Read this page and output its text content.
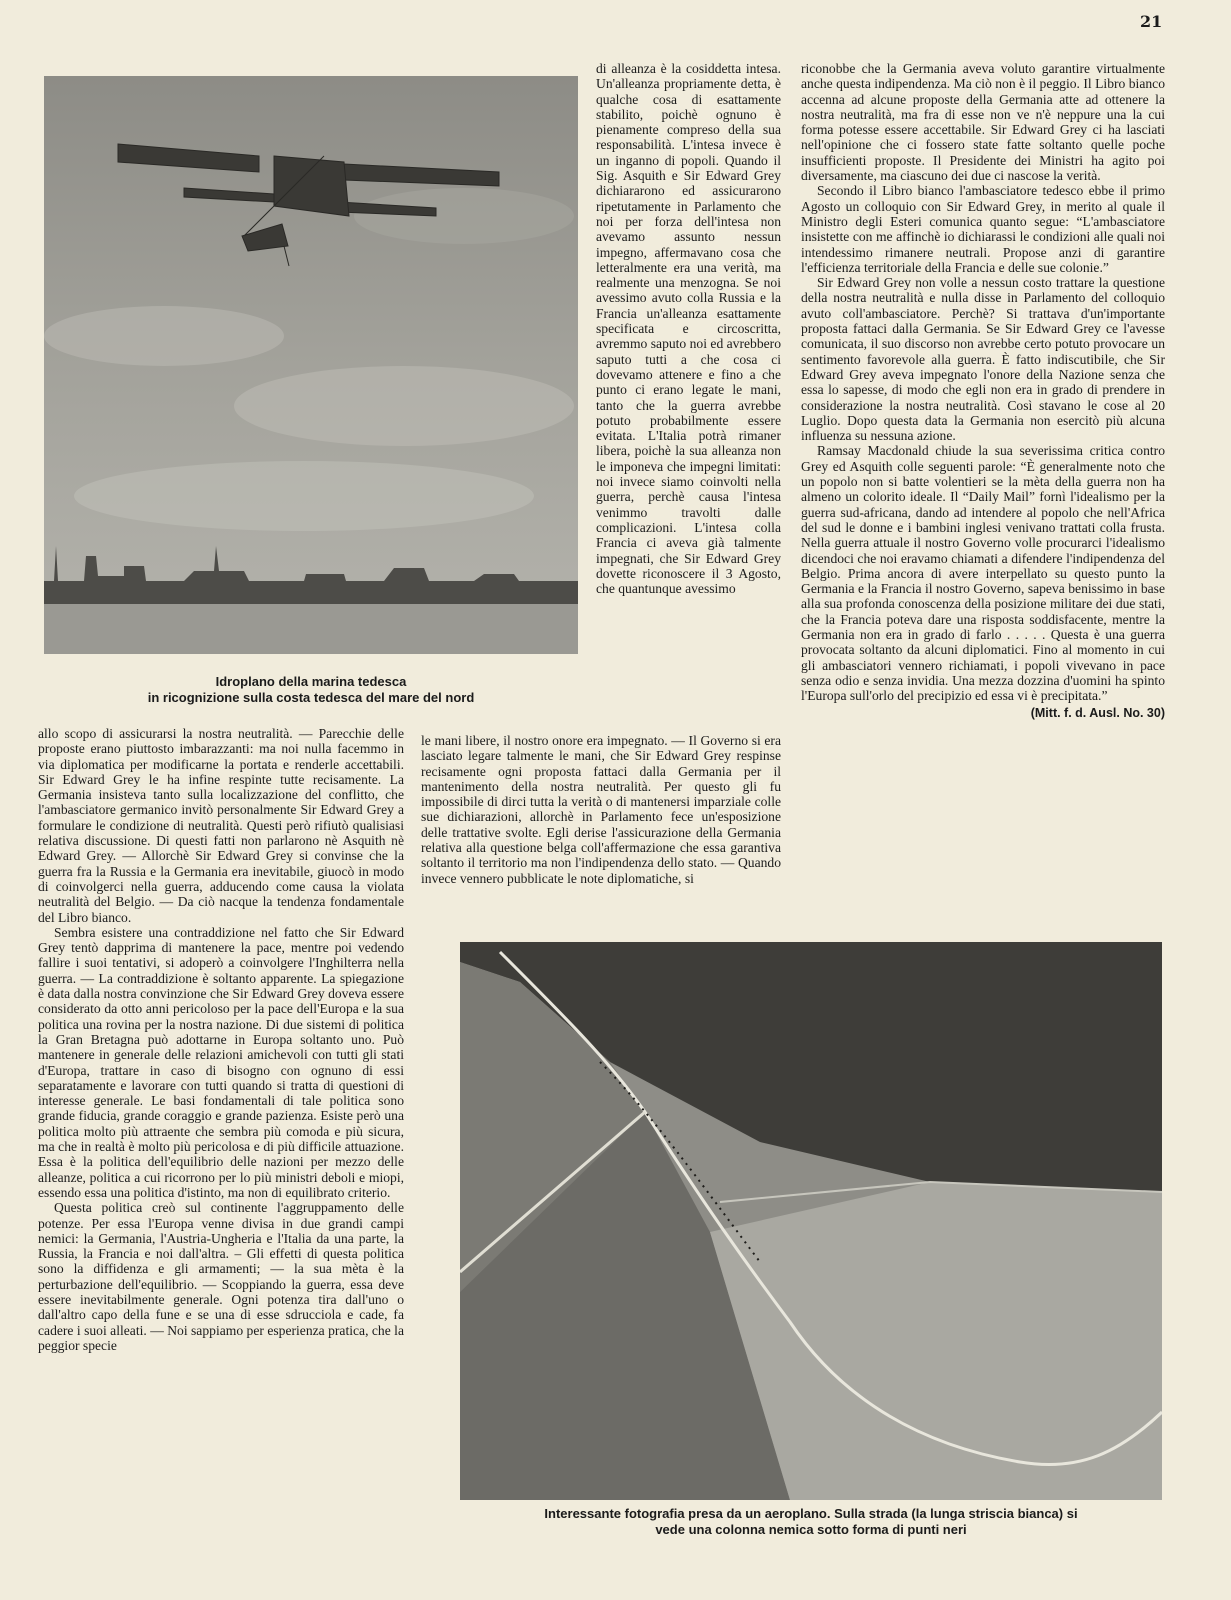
21
Idroplano della marina tedesca
in ricognizione sulla costa tedesca del mare del nord

di alleanza è la cosiddetta intesa. Un'alleanza propriamente detta, è qualche cosa di esattamente stabilito, poichè ognuno è pienamente compreso della sua responsabilità. L'intesa invece è un inganno di popoli. Quando il Sig. Asquith e Sir Edward Grey dichiararono ed assicurarono ripetutamente in Parlamento che noi per forza dell'intesa non avevamo assunto nessun impegno, affermavano cosa che letteralmente era una verità, ma realmente una menzogna. Se noi avessimo avuto colla Russia e la Francia un'alleanza esattamente specificata e circoscritta, avremmo saputo noi ed avrebbero saputo tutti a che cosa ci dovevamo attenere e fino a che punto ci erano legate le mani, tanto che la guerra avrebbe potuto probabilmente essere evitata. L'Italia potrà rimaner libera, poichè la sua alleanza non le imponeva che impegni limitati: noi invece siamo coinvolti nella guerra, perchè causa l'intesa venimmo travolti dalle complicazioni. L'intesa colla Francia ci aveva già talmente impegnati, che Sir Edward Grey dovette riconoscere il 3 Agosto, che quantunque avessimo

le mani libere, il nostro onore era impegnato. — Il Governo si era lasciato legare talmente le mani, che Sir Edward Grey respinse recisamente ogni proposta fattaci dalla Germania per il mantenimento della nostra neutralità. Per questo gli fu impossibile di dirci tutta la verità o di mantenersi imparziale colle sue dichiarazioni, allorchè in Parlamento fece un'esposizione delle trattative svolte. Egli derise l'assicurazione della Germania relativa alla questione belga coll'affermazione che essa garantiva soltanto il territorio ma non l'indipendenza dello stato. — Quando invece vennero pubblicate le note diplomatiche, si

riconobbe che la Germania aveva voluto garantire virtualmente anche questa indipendenza. Ma ciò non è il peggio. Il Libro bianco accenna ad alcune proposte della Germania atte ad ottenere la nostra neutralità, ma fra di esse non ve n'è neppure una la cui forma potesse essere accettabile. Sir Edward Grey ci ha lasciati nell'opinione che ci fossero state fatte soltanto quelle poche insufficienti proposte. Il Presidente dei Ministri ha agito poi diversamente, ma ciascuno dei due ci nascose la verità.

Secondo il Libro bianco l'ambasciatore tedesco ebbe il primo Agosto un colloquio con Sir Edward Grey, in merito al quale il Ministro degli Esteri comunica quanto segue: “L'ambasciatore insistette con me affinchè io dichiarassi le condizioni alle quali noi intendessimo rimanere neutrali. Propose anzi di garantire l'efficienza territoriale della Francia e delle sue colonie.”

Sir Edward Grey non volle a nessun costo trattare la questione della nostra neutralità e nulla disse in Parlamento del colloquio avuto coll'ambasciatore. Perchè? Si trattava d'un'importante proposta fattaci dalla Germania. Se Sir Edward Grey ce l'avesse comunicata, il suo discorso non avrebbe certo potuto provocare un sentimento favorevole alla guerra. È fatto indiscutibile, che Sir Edward Grey aveva impegnato l'onore della Nazione senza che essa lo sapesse, di modo che egli non era in grado di prendere in considerazione la nostra neutralità. Così stavano le cose al 20 Luglio. Dopo questa data la Germania non esercitò più alcuna influenza su nessuna azione.

Ramsay Macdonald chiude la sua severissima critica contro Grey ed Asquith colle seguenti parole: “È generalmente noto che un popolo non si batte volentieri se la mèta della guerra non ha almeno un colorito ideale. Il “Daily Mail” fornì l'idealismo per la guerra sud-africana, dando ad intendere al popolo che nell'Africa del sud le donne e i bambini inglesi venivano trattati colla frusta. Nella guerra attuale il nostro Governo volle procurarci l'idealismo dicendoci che noi eravamo chiamati a difendere l'indipendenza del Belgio. Prima ancora di avere interpellato su questo punto la Germania e la Francia il nostro Governo, sapeva benissimo in base alla sua profonda conoscenza della posizione militare dei due stati, che la Francia poteva dare una risposta soddisfacente, mentre la Germania non era in grado di farlo . . . . . Questa è una guerra provocata soltanto da alcuni diplomatici. Fino al momento in cui gli ambasciatori vennero richiamati, i popoli vivevano in pace senza odio e senza invidia. Una mezza dozzina d'uomini ha spinto l'Europa sull'orlo del precipizio ed essa vi è precipitata.”

(Mitt. f. d. Ausl. No. 30)

allo scopo di assicurarsi la nostra neutralità. — Parecchie delle proposte erano piuttosto imbarazzanti: ma noi nulla facemmo in via diplomatica per modificarne la portata e renderle accettabili. Sir Edward Grey le ha infine respinte tutte recisamente. La Germania insisteva tanto sulla localizzazione del conflitto, che l'ambasciatore germanico invitò personalmente Sir Edward Grey a formulare le condizione di neutralità. Questi però rifiutò qualisiasi relativa discussione. Di questi fatti non parlarono nè Asquith nè Edward Grey. — Allorchè Sir Edward Grey si convinse che la guerra fra la Russia e la Germania era inevitabile, giuocò in modo di coinvolgerci nella guerra, adducendo come causa la violata neutralità del Belgio. — Da ciò nacque la tendenza fondamentale del Libro bianco.

Sembra esistere una contraddizione nel fatto che Sir Edward Grey tentò dapprima di mantenere la pace, mentre poi vedendo fallire i suoi tentativi, si adoperò a coinvolgere l'Inghilterra nella guerra. — La contraddizione è soltanto apparente. La spiegazione è data dalla nostra convinzione che Sir Edward Grey doveva essere considerato da otto anni pericoloso per la pace dell'Europa e la sua politica una rovina per la nostra nazione. Di due sistemi di politica la Gran Bretagna può adottarne in Europa soltanto uno. Può mantenere in generale delle relazioni amichevoli con tutti gli stati d'Europa, trattare in caso di bisogno con ognuno di essi separatamente e lavorare con tutti quando si tratta di questioni di interesse generale. Le basi fondamentali di tale politica sono grande fiducia, grande coraggio e grande pazienza. Esiste però una politica molto più attraente che sembra più comoda e più sicura, ma che in realtà è molto più pericolosa e di più difficile attuazione. Essa è la politica dell'equilibrio delle nazioni per mezzo delle alleanze, politica a cui ricorrono per lo più ministri deboli e miopi, essendo essa una politica d'istinto, ma non di equilibrato criterio.

Questa politica creò sul continente l'aggruppamento delle potenze. Per essa l'Europa venne divisa in due grandi campi nemici: la Germania, l'Austria-Ungheria e l'Italia da una parte, la Russia, la Francia e noi dall'altra. – Gli effetti di questa politica sono la diffidenza e gli armamenti; — la sua mèta è la perturbazione dell'equilibrio. — Scoppiando la guerra, essa deve essere inevitabilmente generale. Ogni potenza tira dall'uno o dall'altro capo della fune e se una di esse sdrucciola e cade, fa cadere i suoi alleati. — Noi sappiamo per esperienza pratica, che la peggior specie

Interessante fotografia presa da un aeroplano. Sulla strada (la lunga striscia bianca) si
vede una colonna nemica sotto forma di punti neri
